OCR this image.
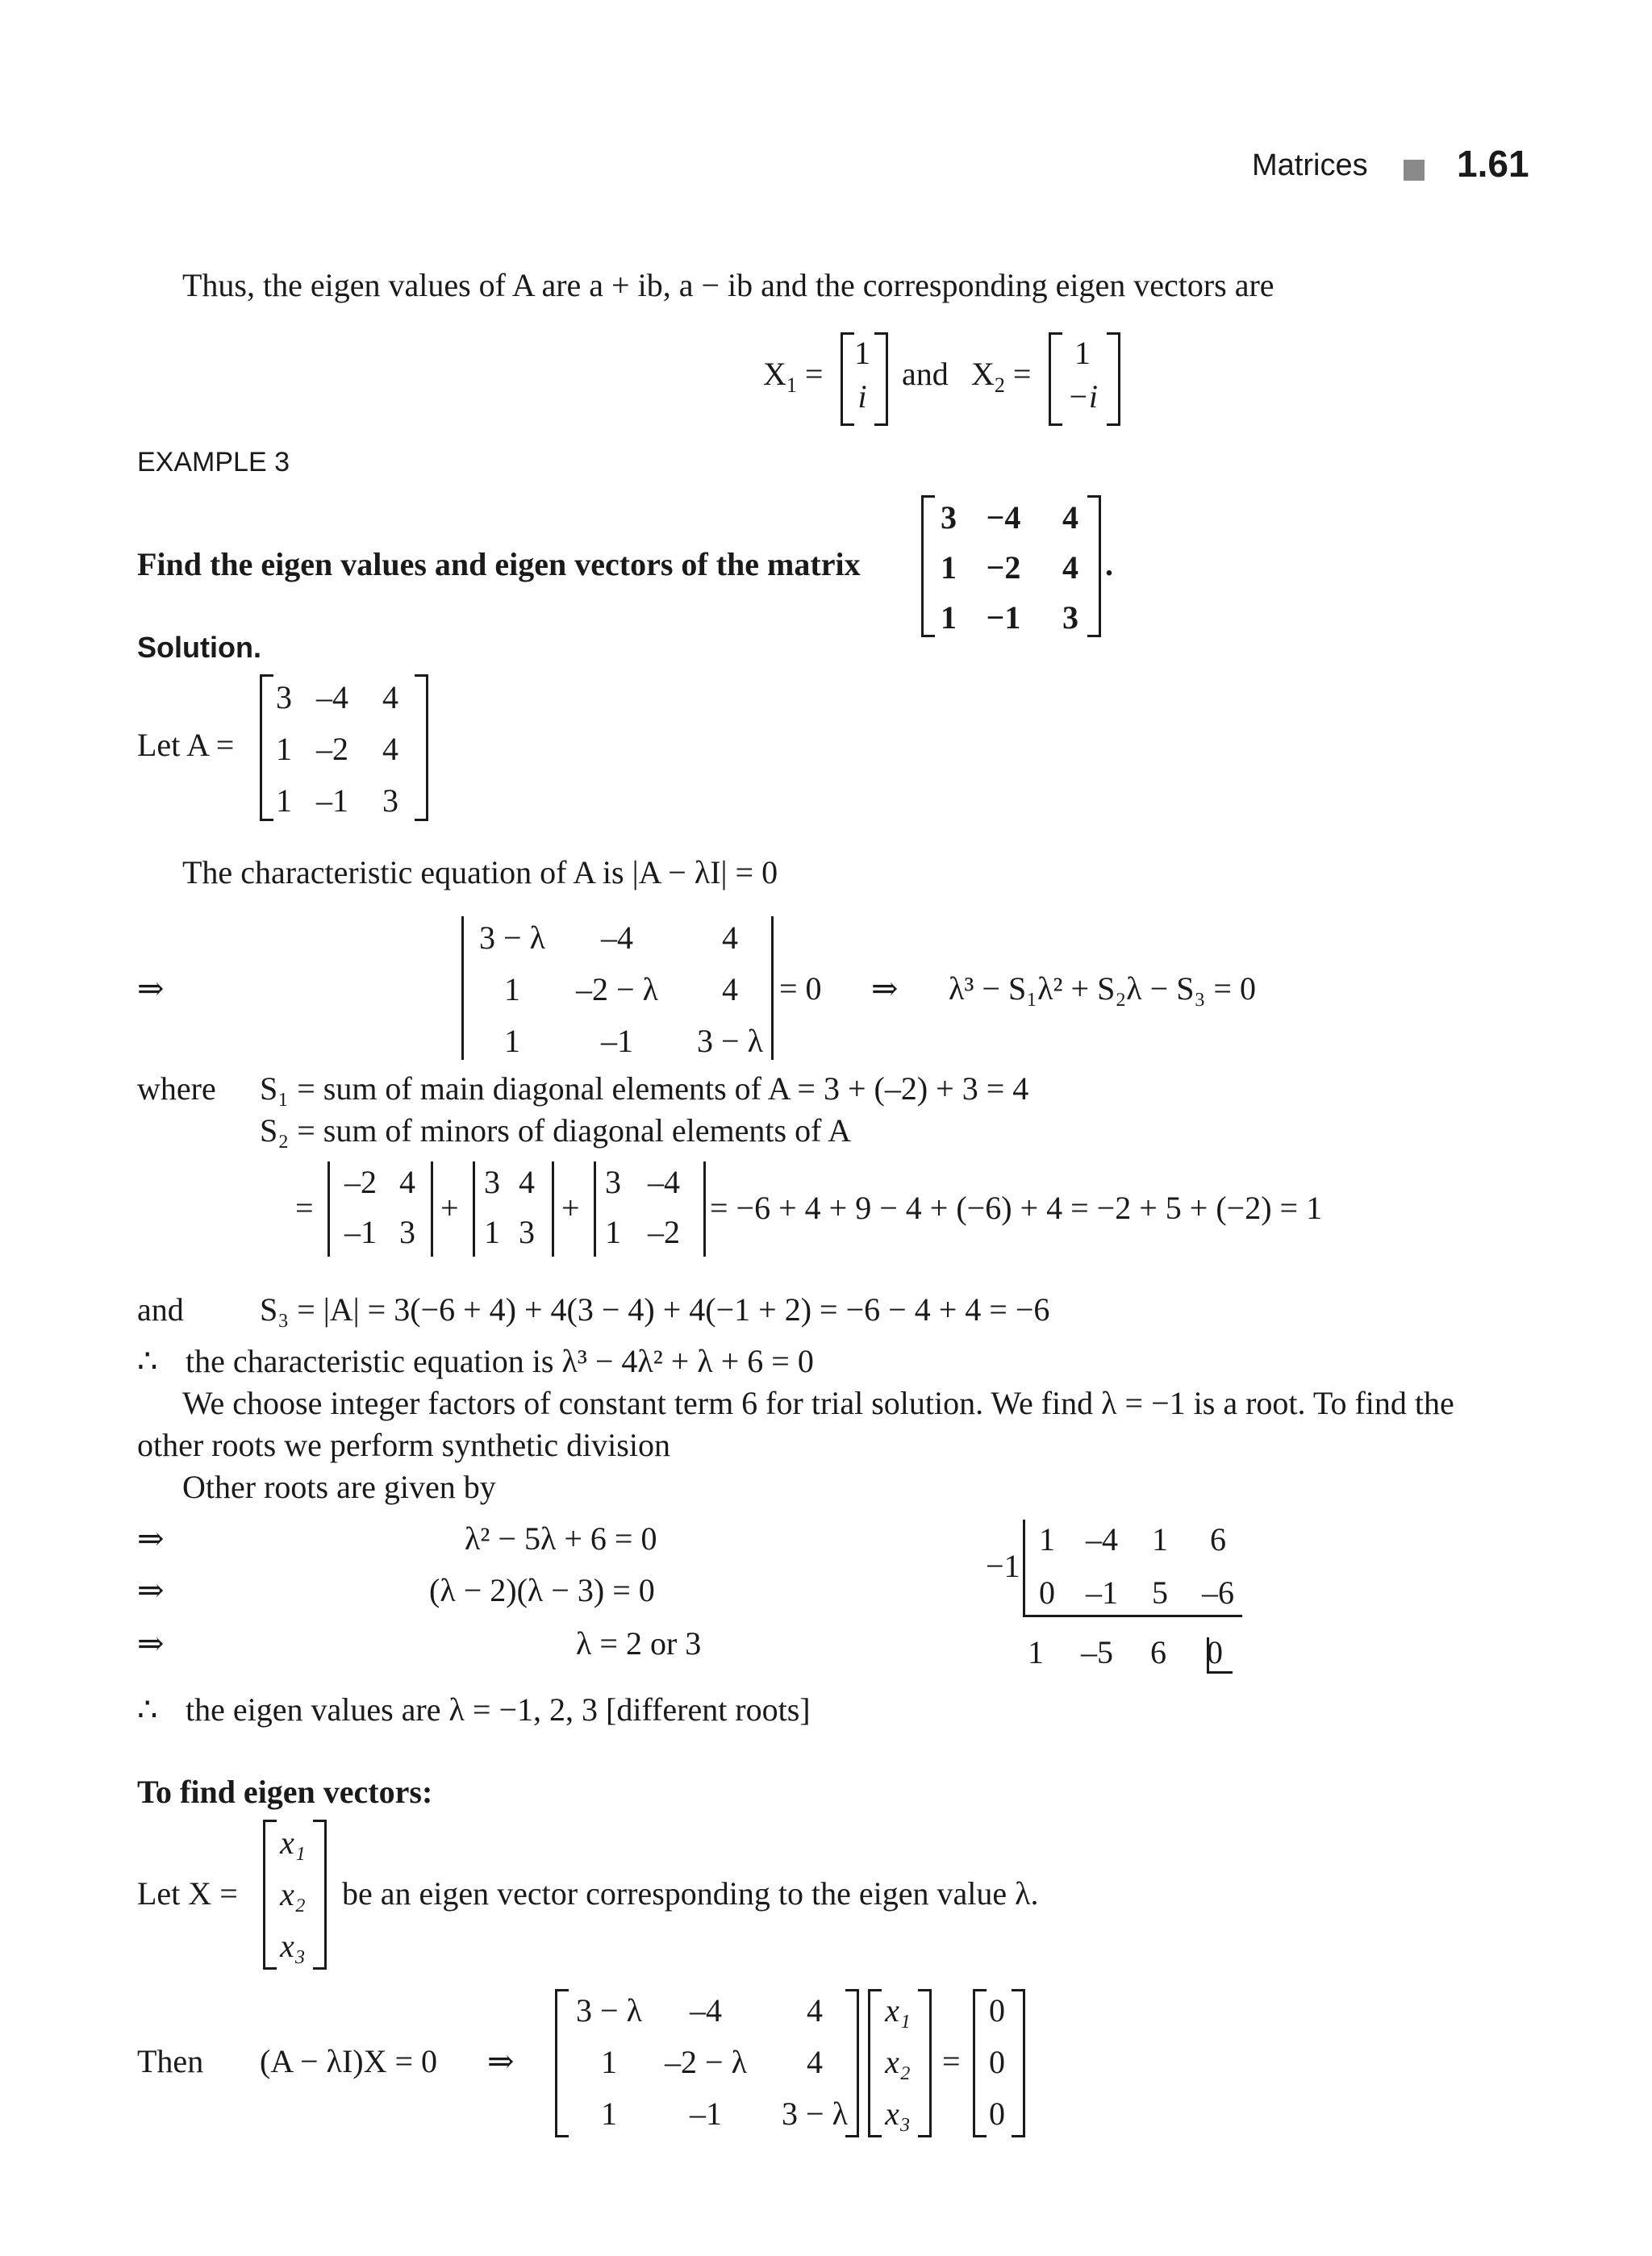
Matrices 1.61
Thus, the eigen values of A are a + ib, a − ib and the corresponding eigen vectors are
$X_1$ =
1
i
and $X_2$ =
1
−i
EXAMPLE 3
Find the eigen values and eigen vectors of the matrix
3 −4	4
1 −2	4
1 −1	3
.
Solution.
Let A =
3 –4	4
1 –2	4
1 –1	3
The characteristic equation of A is |A − λI| = 0
⇒
3 − λ	–4	4
1	–2 − λ	4
1	–1	3 − λ
= 0 ⇒ λ³ − S₁λ² + S₂λ − S₃ = 0
where S₁ = sum of main diagonal elements of A = 3 + (–2) + 3 = 4
S₂ = sum of minors of diagonal elements of A
=
–2 4
–1 3
+
3 4
1 3
+
3 –4
1 –2
= −6 + 4 + 9 − 4 + (−6) + 4 = −2 + 5 + (−2) = 1
and S₃ = |A| = 3(−6 + 4) + 4(3 − 4) + 4(−1 + 2) = −6 − 4 + 4 = −6
∴ the characteristic equation is λ³ − 4λ² + λ + 6 = 0
We choose integer factors of constant term 6 for trial solution. We find λ = −1 is a root. To find the
other roots we perform synthetic division
Other roots are given by
⇒	λ² − 5λ + 6 = 0
⇒	(λ − 2)(λ − 3) = 0
⇒	λ = 2 or 3
−1
1 –4	1	6
0 –1	5	–6
1	–5	6	0
∴ the eigen values are λ = −1, 2, 3 [different roots]
To find eigen vectors:
Let X =
x₁
x₂
x₃
be an eigen vector corresponding to the eigen value λ.
Then (A − λI)X = 0 ⇒
3 − λ	–4	4
1	–2 − λ	4
1	–1	3 − λ
x₁
x₂
x₃
=
0
0
0
